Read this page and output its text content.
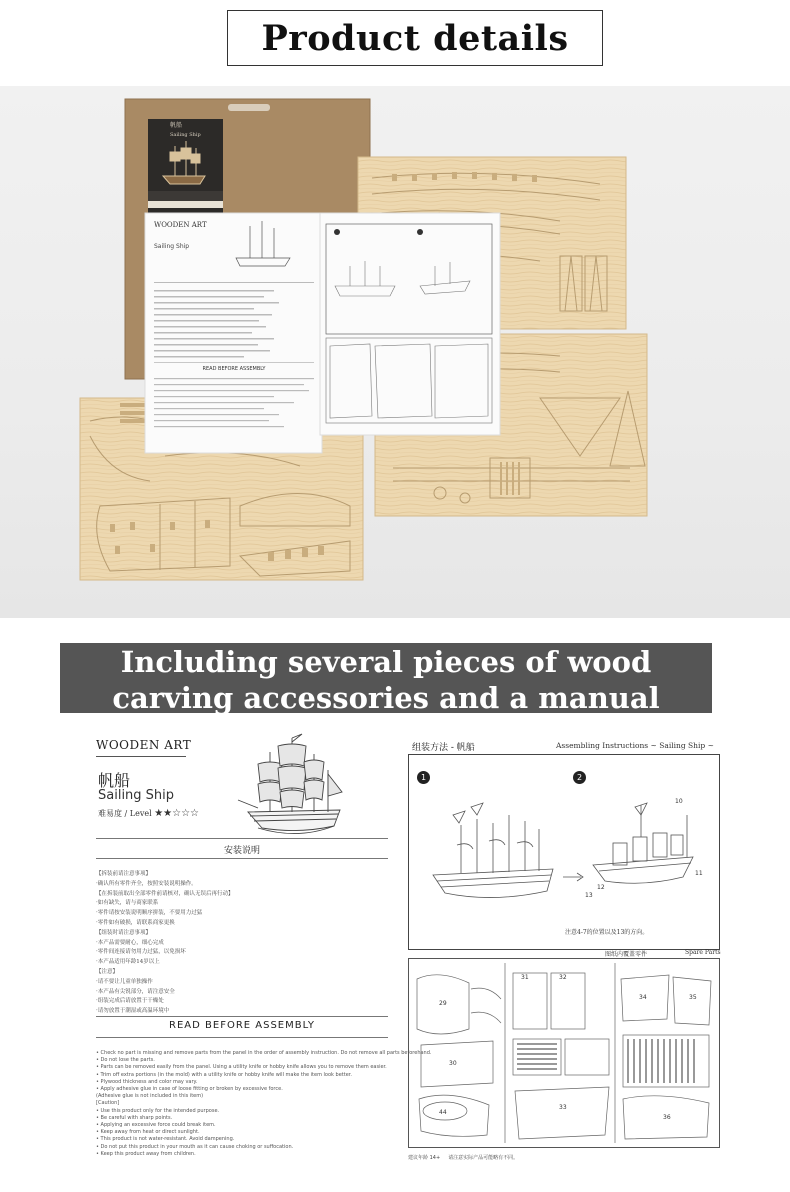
Product details
帆船
Sailing Ship
WOODEN ART
Sailing Ship
READ BEFORE ASSEMBLY
Including several pieces of wood
carving accessories and a manual
WOODEN ART
帆船
Sailing Ship
难易度 / Level ★★☆☆☆
安装说明
【拆装前请注意事项】
·确认所有零件齐全，按照安装说明操作。
【在拆装前取出全部零件前请核对，确认无误后再行动】
·如有缺失，请与商家联系
·零件请按安装说明顺序拼装，不要用力过猛
·零件如有破损，请联系商家更换
【组装时请注意事项】
·本产品需要耐心，细心完成
·零件间连接请勿用力过猛，以免损坏
·本产品适用年龄14岁以上
【注意】
·请不要让儿童单独操作
·本产品有尖锐部分，请注意安全
·组装完成后请放置于干燥处
·请勿放置于潮湿或高温环境中
READ BEFORE ASSEMBLY
• Check no part is missing and remove parts from the panel in the order of assembly instruction. Do not remove all parts beforehand.
• Do not lose the parts.
• Parts can be removed easily from the panel. Using a utility knife or hobby knife allows you to remove them easier.
• Trim off extra portions (in the mold) with a utility knife or hobby knife will make the item look better.
• Plywood thickness and color may vary.
• Apply adhesive glue in case of loose fitting or broken by excessive force.
(Adhesive glue is not included in this item)
[Caution]
• Use this product only for the intended purpose.
• Be careful with sharp points.
• Applying an excessive force could break item.
• Keep away from heat or direct sunlight.
• This product is not water-resistant. Avoid dampening.
• Do not put this product in your mouth as it can cause choking or suffocation.
• Keep this product away from children.
组装方法 - 帆船	Assembling Instructions ~ Sailing Ship ~
1	2
10
12
11
13
注意4-7的位置以及13的方向。
图纸内覆盖零件	Spare Parts
29
30
31	32
33
34	35
36
44
建议年龄 14+ 请注意实际产品可能略有不同。
